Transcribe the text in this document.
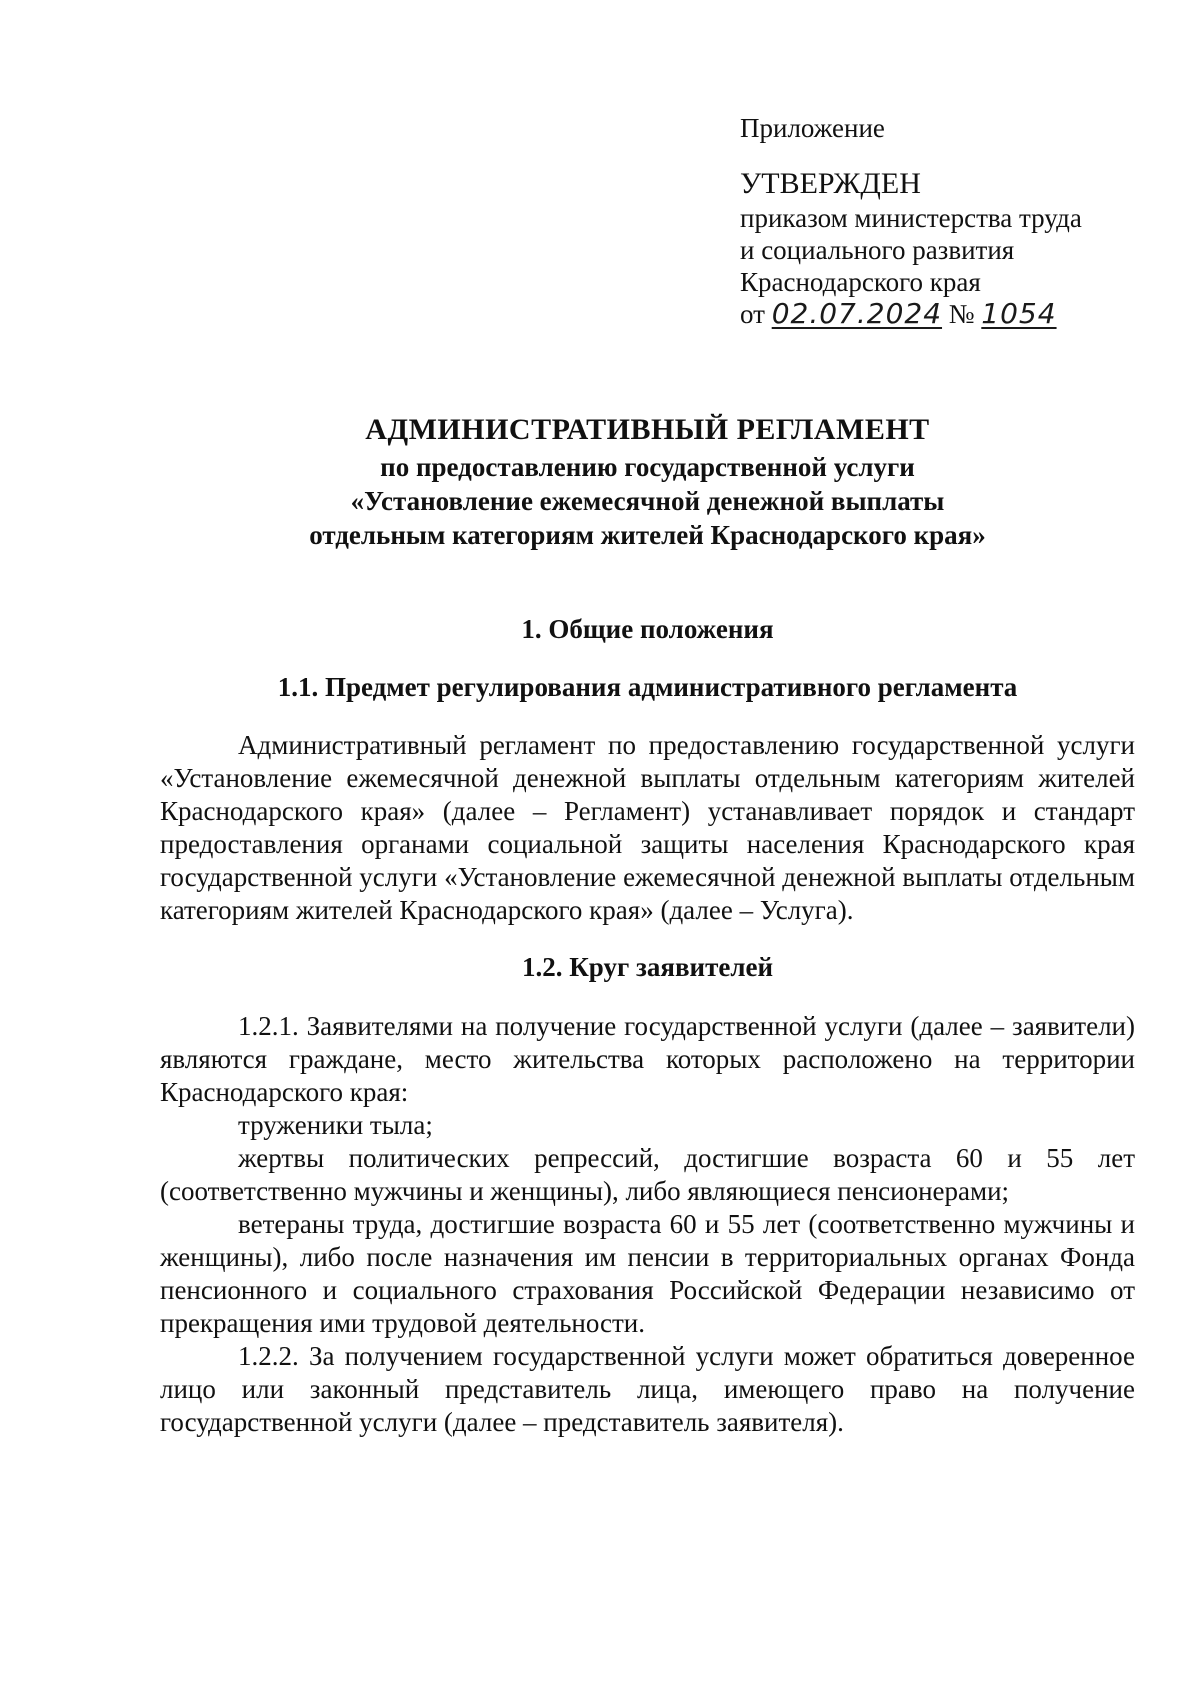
Приложение

УТВЕРЖДЕН

приказом министерства труда

и социального развития

Краснодарского края

от 02.07.2024 № 1054

АДМИНИСТРАТИВНЫЙ РЕГЛАМЕНТ

по предоставлению государственной услуги

«Установление ежемесячной денежной выплаты

отдельным категориям жителей Краснодарского края»

1. Общие положения

1.1. Предмет регулирования административного регламента

Административный регламент по предоставлению государственной услуги «Установление ежемесячной денежной выплаты отдельным категориям жителей Краснодарского края» (далее – Регламент) устанавливает порядок и стандарт предоставления органами социальной защиты населения Краснодарского края государственной услуги «Установление ежемесячной денежной выплаты отдельным категориям жителей Краснодарского края» (далее – Услуга).

1.2. Круг заявителей

1.2.1. Заявителями на получение государственной услуги (далее – заявители) являются граждане, место жительства которых расположено на территории Краснодарского края:

труженики тыла;

жертвы политических репрессий, достигшие возраста 60 и 55 лет (соответственно мужчины и женщины), либо являющиеся пенсионерами;

ветераны труда, достигшие возраста 60 и 55 лет (соответственно мужчины и женщины), либо после назначения им пенсии в территориальных органах Фонда пенсионного и социального страхования Российской Федерации независимо от прекращения ими трудовой деятельности.

1.2.2. За получением государственной услуги может обратиться доверенное лицо или законный представитель лица, имеющего право на получение государственной услуги (далее – представитель заявителя).
